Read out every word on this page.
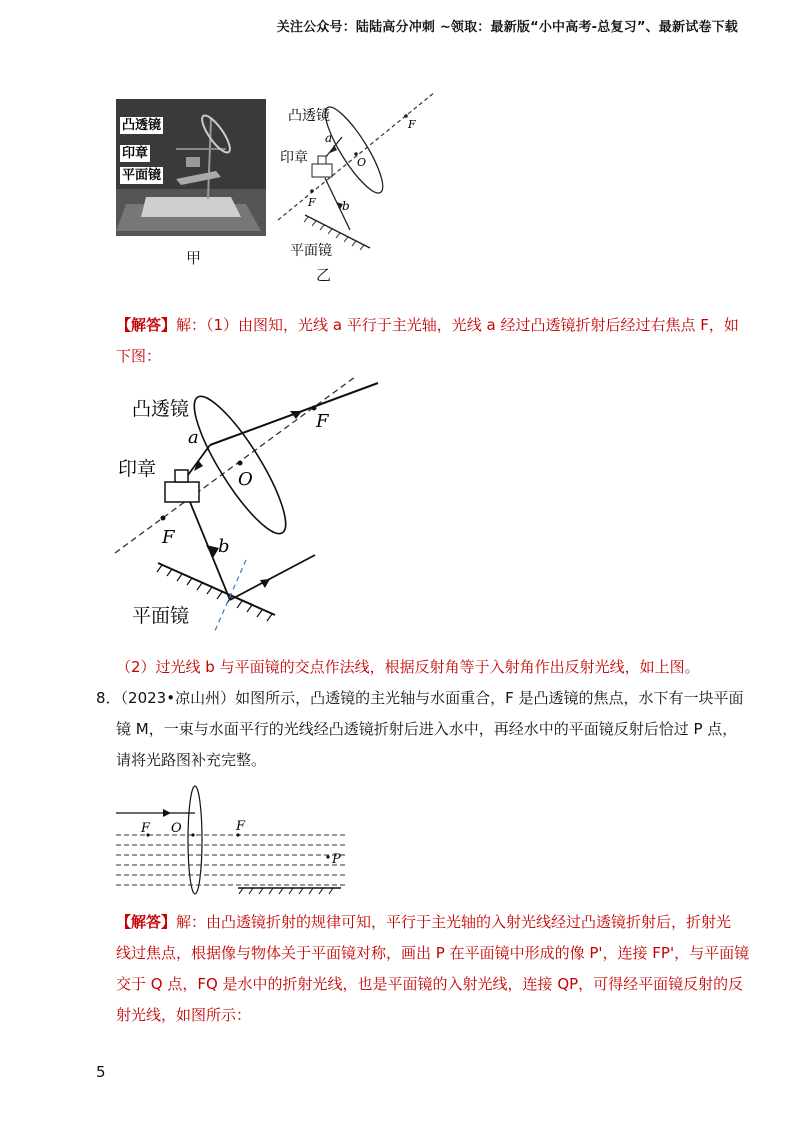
关注公众号：陆陆高分冲刺 ~领取：最新版“小中高考-总复习”、最新试卷下载
凸透镜
印章
平面镜
甲
凸透镜
印章
平面镜
a
b
F
O
F
乙
【解答】解：（1）由图知，光线 a 平行于主光轴，光线 a 经过凸透镜折射后经过右焦点 F，如
下图：
凸透镜
印章
平面镜
a
b
F
O
F
（2）过光线 b 与平面镜的交点作法线，根据反射角等于入射角作出反射光线，如上图。
8．（2023•凉山州）如图所示，凸透镜的主光轴与水面重合，F 是凸透镜的焦点，水下有一块平面
镜 M，一束与水面平行的光线经凸透镜折射后进入水中，再经水中的平面镜反射后恰过 P 点，
请将光路图补充完整。
F O	F
P
【解答】解：由凸透镜折射的规律可知，平行于主光轴的入射光线经过凸透镜折射后，折射光
线过焦点，根据像与物体关于平面镜对称，画出 P 在平面镜中形成的像 P'，连接 FP'，与平面镜
交于 Q 点，FQ 是水中的折射光线，也是平面镜的入射光线，连接 QP，可得经平面镜反射的反
射光线，如图所示：
5
